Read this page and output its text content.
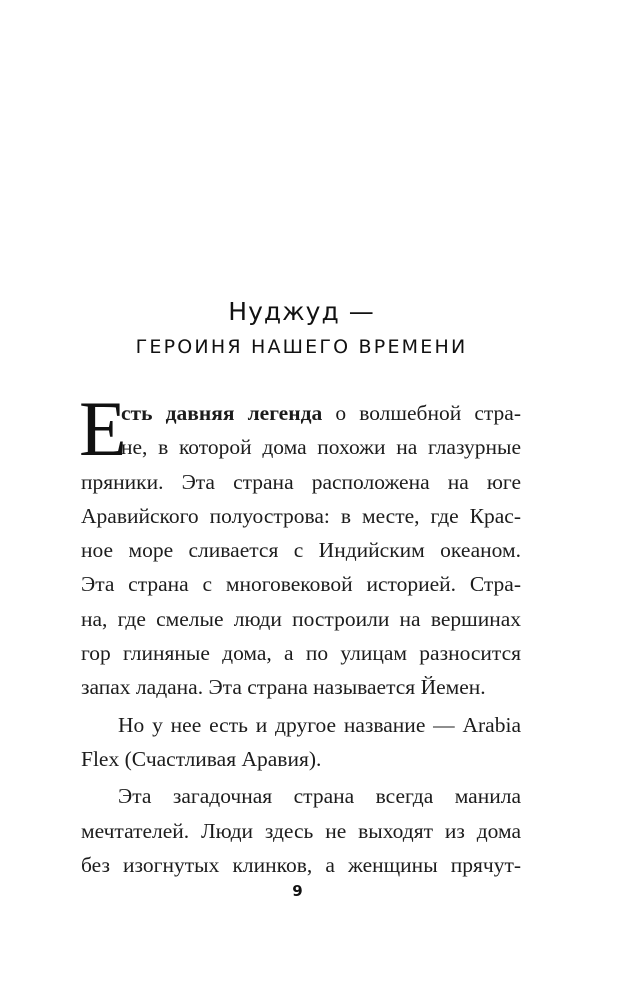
Нуджуд —
ГЕРОИНЯ НАШЕГО ВРЕМЕНИ
Е
сть давняя легенда о волшебной стра-
не, в которой дома похожи на глазурные
пряники. Эта страна расположена на юге
Аравийского полуострова: в месте, где Крас-
ное море сливается с Индийским океаном.
Эта страна с многовековой историей. Стра-
на, где смелые люди построили на вершинах
гор глиняные дома, а по улицам разносится
запах ладана. Эта страна называется Йемен.
Но у нее есть и другое название — Arabia
Flex (Счастливая Аравия).
Эта загадочная страна всегда манила
мечтателей. Люди здесь не выходят из дома
без изогнутых клинков, а женщины прячут-
9
